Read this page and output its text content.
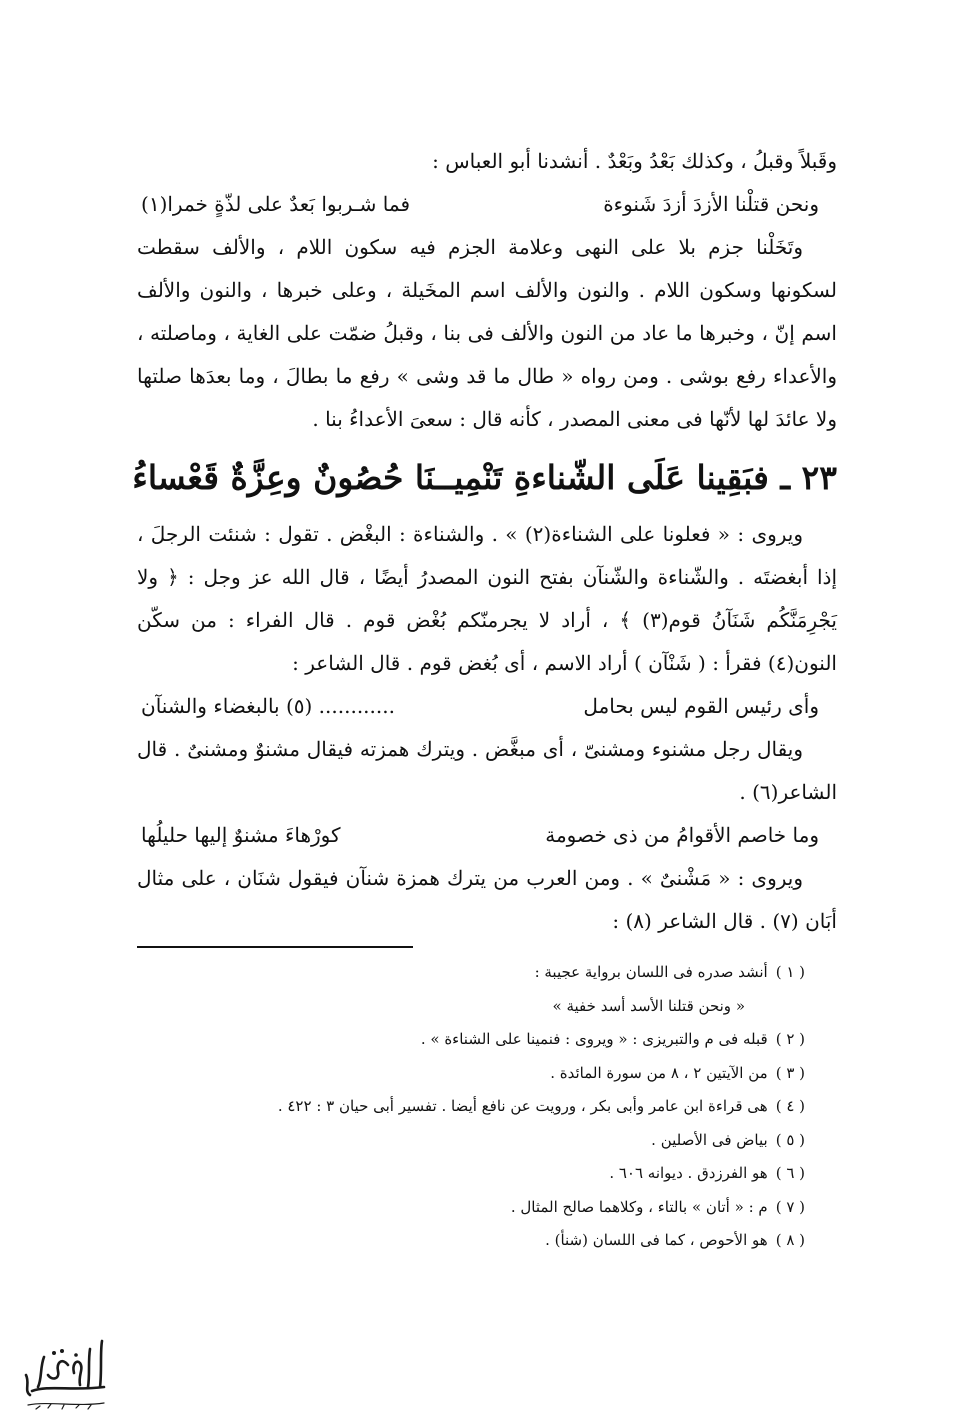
وقَبلاً وقبلُ ، وكذلك بَعْدُ وبَعْدٌ . أنشدنا أبو العباس :

ونحن قتلْنا الأزدَ أزدَ شَنوءة
فما شـربوا بَعدٌ على لذّةٍ خمرا(١)

وتَخَلْنا جزم بلا على النهى وعلامة الجزم فيه سكون اللام ، والألف سقطت لسكونها وسكون اللام . والنون والألف اسم المخَيلة ، وعلى خبرها ، والنون والألف اسم إنّ ، وخبرها ما عاد من النون والألف فى بنا ، وقبلُ ضمّت على الغاية ، وماصلته ، والأعداء رفع بوشى . ومن رواه « طال ما قد وشى » رفع ما بطالَ ، وما بعدَها صلتها ولا عائدَ لها لأنّها فى معنى المصدر ، كأنه قال : سعىَ الأعداءُ بنا .

٢٣ ـ فبَقِينا عَلَى الشّناءةِ تَنْمِيـ
ـنَا حُصُونٌ وعِزَّةٌ قَعْساءُ

ويروى : « فعلونا على الشناءة(٢) » . والشناءة : البغْض . تقول : شنئت الرجلَ ، إذا أبغضتَه . والشّناءة والشّنآن بفتح النون المصدرُ أيضًا ، قال الله عز وجل : ﴿ ولا يَجْرِمَنَّكُم شَنَآنُ قوم(٣) ﴾ ، أراد لا يجرمنّكم بُغْض قوم . قال الفراء : من سكّن النون(٤) فقرأ : ( شَنْآن ) أراد الاسم ، أى بُغض قوم . قال الشاعر :

وأى رئيس القوم ليس بحامل
............ (٥) بالبغضاء والشنآن

ويقال رجل مشنوء ومشنىّ ، أى مبغَّض . ويترك همزته فيقال مشنوٌ ومشنىٌ . قال الشاعر(٦) .

وما خاصم الأقوامُ من ذى خصومة
كورْهاءَ مشنوٌ إليها حليلُها

ويروى : « مَشْنىٌ » . ومن العرب من يترك همزة شنآن فيقول شنَان ، على مثال أبَان (٧) . قال الشاعر (٨) :

( ١ )أنشد صدره فى اللسان برواية عجيبة :
« ونحن قتلنا الأسد أسد خفية »
( ٢ )قبله فى م والتبريزى : « ويروى : فنمينا على الشناءة » .
( ٣ )من الآيتين ٢ ، ٨ من سورة المائدة .
( ٤ )هى قراءة ابن عامر وأبى بكر ، ورويت عن نافع أيضا . تفسير أبى حيان ٣ : ٤٢٢ .
( ٥ )بياض فى الأصلين .
( ٦ )هو الفرزدق . ديوانه ٦٠٦ .
( ٧ )م : « أتان » بالتاء ، وكلاهما صالح المثال .
( ٨ )هو الأحوص ، كما فى اللسان (شنأ) .
